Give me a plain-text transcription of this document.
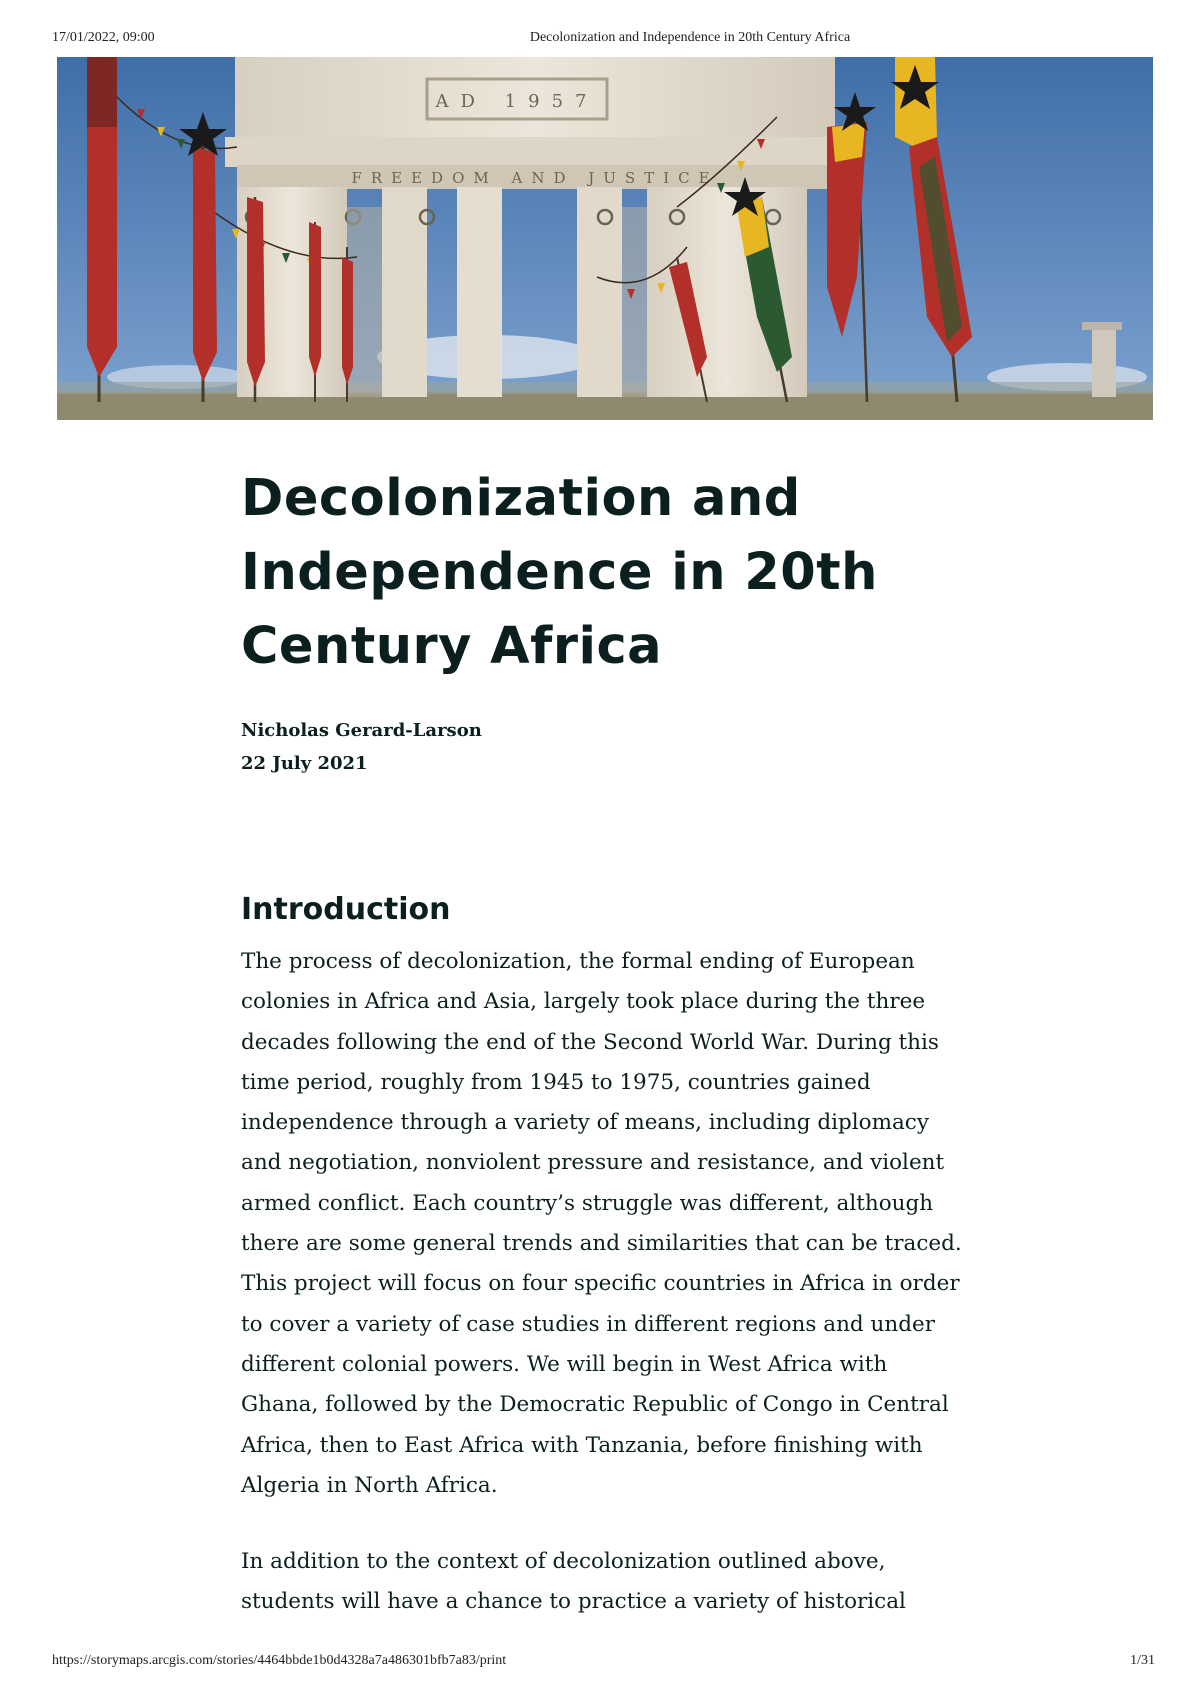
17/01/2022, 09:00	Decolonization and Independence in 20th Century Africa
AD 1957
FREEDOM AND JUSTICE
Decolonization and Independence in 20th Century Africa
Nicholas Gerard-Larson
22 July 2021
Introduction

The process of decolonization, the formal ending of European colonies in Africa and Asia, largely took place during the three decades following the end of the Second World War. During this time period, roughly from 1945 to 1975, countries gained independence through a variety of means, including diplomacy and negotiation, nonviolent pressure and resistance, and violent armed conflict. Each country’s struggle was different, although there are some general trends and similarities that can be traced. This project will focus on four specific countries in Africa in order to cover a variety of case studies in different regions and under different colonial powers. We will begin in West Africa with Ghana, followed by the Democratic Republic of Congo in Central Africa, then to East Africa with Tanzania, before finishing with Algeria in North Africa.

In addition to the context of decolonization outlined above, students will have a chance to practice a variety of historical

https://storymaps.arcgis.com/stories/4464bbde1b0d4328a7a486301bfb7a83/print	1/31
